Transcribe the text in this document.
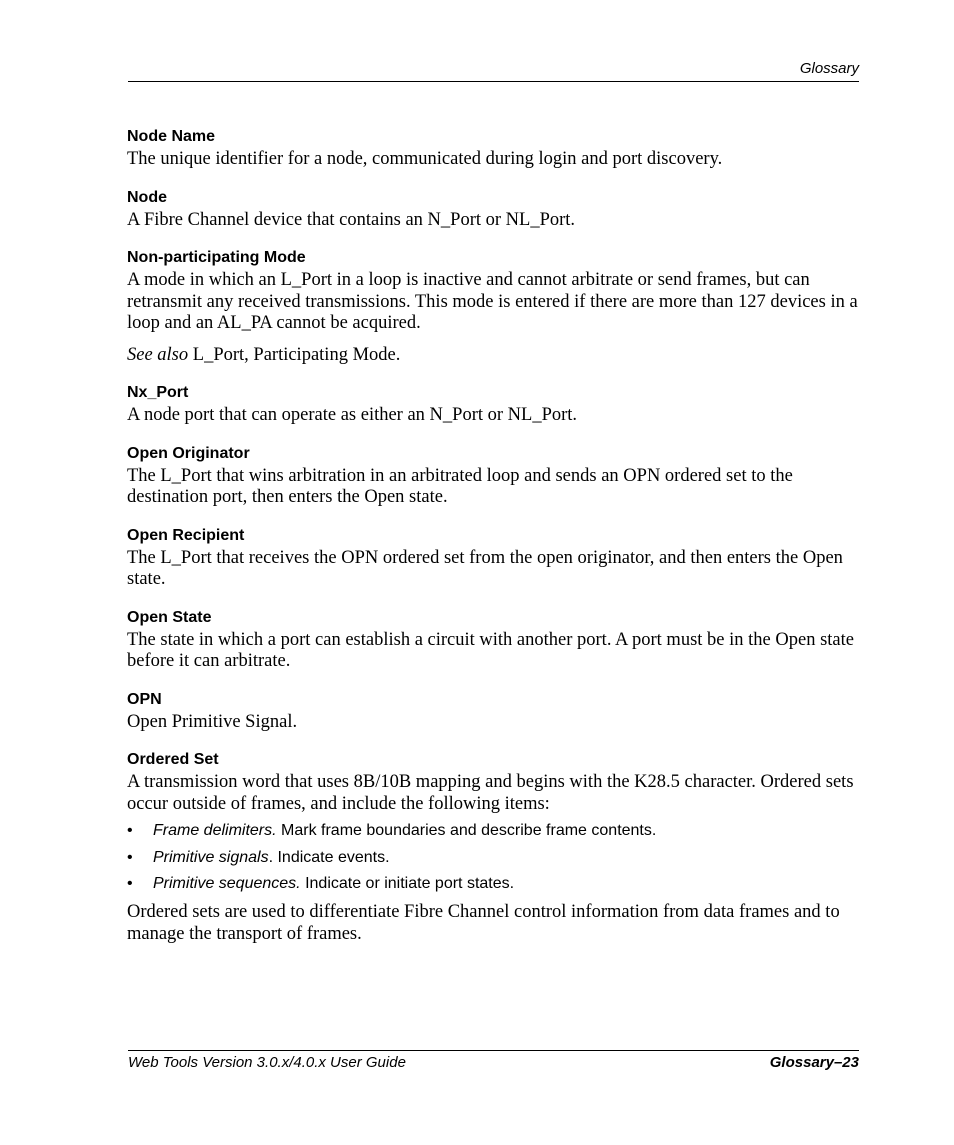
Glossary

Node Name

The unique identifier for a node, communicated during login and port discovery.

Node

A Fibre Channel device that contains an N_Port or NL_Port.

Non-participating Mode

A mode in which an L_Port in a loop is inactive and cannot arbitrate or send frames, but can retransmit any received transmissions. This mode is entered if there are more than 127 devices in a loop and an AL_PA cannot be acquired.

See also L_Port, Participating Mode.

Nx_Port

A node port that can operate as either an N_Port or NL_Port.

Open Originator

The L_Port that wins arbitration in an arbitrated loop and sends an OPN ordered set to the destination port, then enters the Open state.

Open Recipient

The L_Port that receives the OPN ordered set from the open originator, and then enters the Open state.

Open State

The state in which a port can establish a circuit with another port. A port must be in the Open state before it can arbitrate.

OPN

Open Primitive Signal.

Ordered Set

A transmission word that uses 8B/10B mapping and begins with the K28.5 character. Ordered sets occur outside of frames, and include the following items:

• Frame delimiters. Mark frame boundaries and describe frame contents.
• Primitive signals. Indicate events.
• Primitive sequences. Indicate or initiate port states.

Ordered sets are used to differentiate Fibre Channel control information from data frames and to manage the transport of frames.

Web Tools Version 3.0.x/4.0.x User Guide	Glossary–23
